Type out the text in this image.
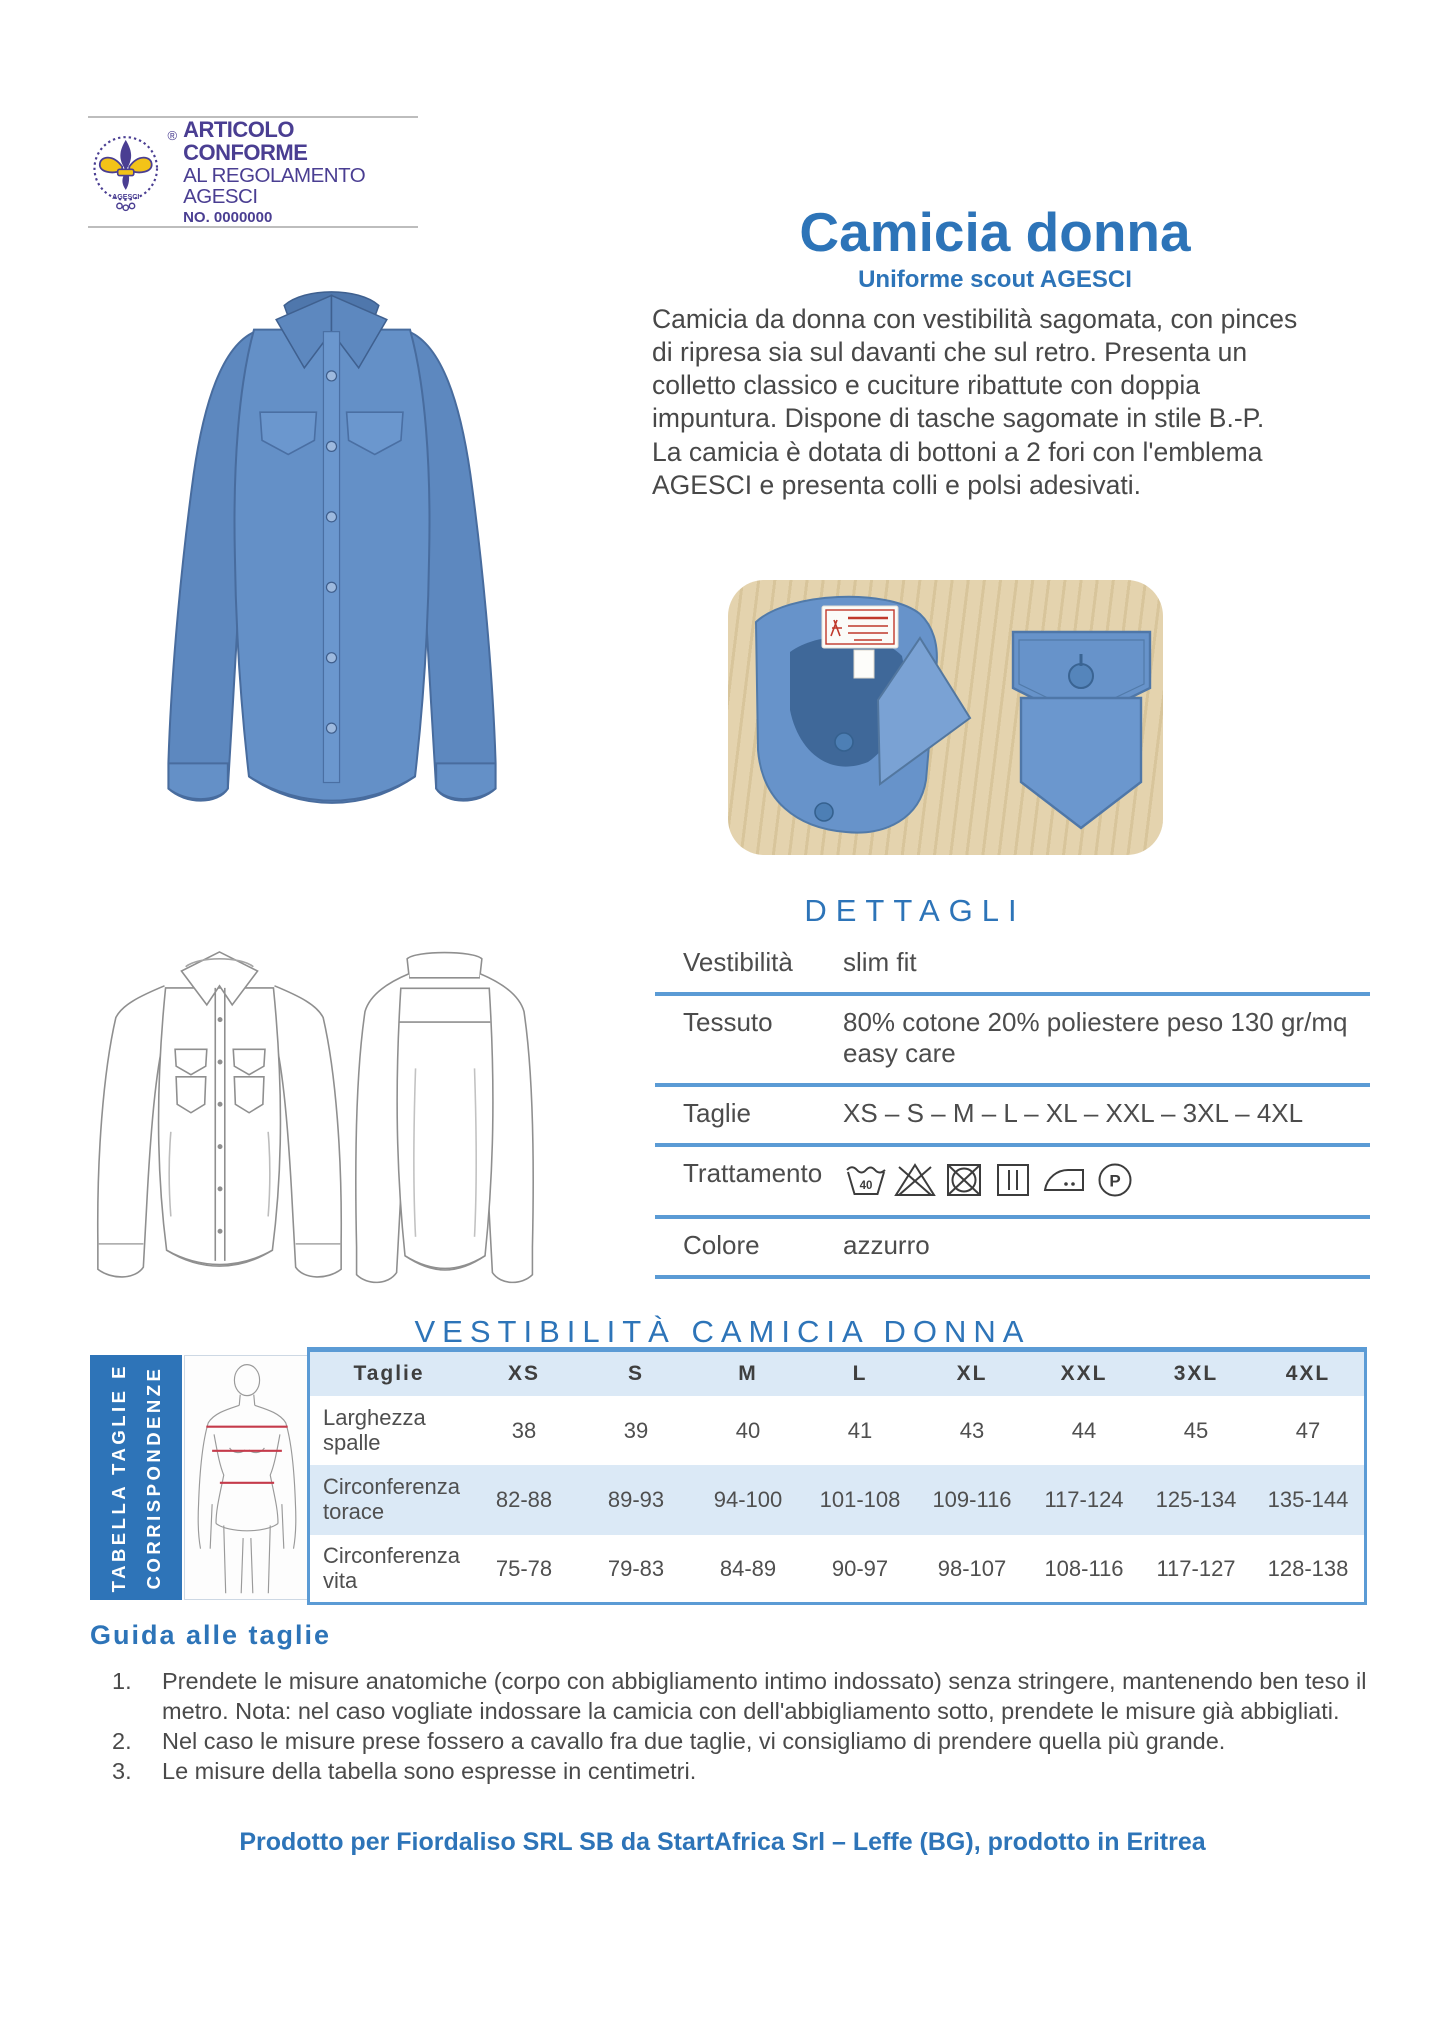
AGESCI
® ARTICOLO CONFORME
AL REGOLAMENTO AGESCI
NO. 0000000	Camicia donna
Uniforme scout AGESCI
Camicia da donna con vestibilità sagomata, con pinces di ripresa sia sul davanti che sul retro. Presenta un colletto classico e cuciture ribattute con doppia impuntura. Dispone di tasche sagomate in stile B.-P. La camicia è dotata di bottoni a 2 fori con l'emblema AGESCI e presenta colli e polsi adesivati.
DETTAGLI
Vestibilità	slim fit
Tessuto	80% cotone 20% poliestere peso 130 gr/mq easy care
Taglie	XS – S – M – L – XL – XXL – 3XL – 4XL
Trattamento	40	P
Colore	azzurro
VESTIBILITÀ CAMICIA DONNA
TABELLA TAGLIE E CORRISPONDENZE	Taglie	XS	S	M	L	XL	XXL	3XL	4XL
Larghezza spalle	38	39	40	41	43	44	45	47
Circonferenza torace	82-88	89-93	94-100	101-108	109-116	117-124	125-134	135-144
Circonferenza vita	75-78	79-83	84-89	90-97	98-107	108-116	117-127	128-138
Guida alle taglie
1.	Prendete le misure anatomiche (corpo con abbigliamento intimo indossato) senza stringere, mantenendo ben teso il metro. Nota: nel caso vogliate indossare la camicia con dell'abbigliamento sotto, prendete le misure già abbigliati.
2.	Nel caso le misure prese fossero a cavallo fra due taglie, vi consigliamo di prendere quella più grande.
3.	Le misure della tabella sono espresse in centimetri.
Prodotto per Fiordaliso SRL SB da StartAfrica Srl – Leffe (BG), prodotto in Eritrea
